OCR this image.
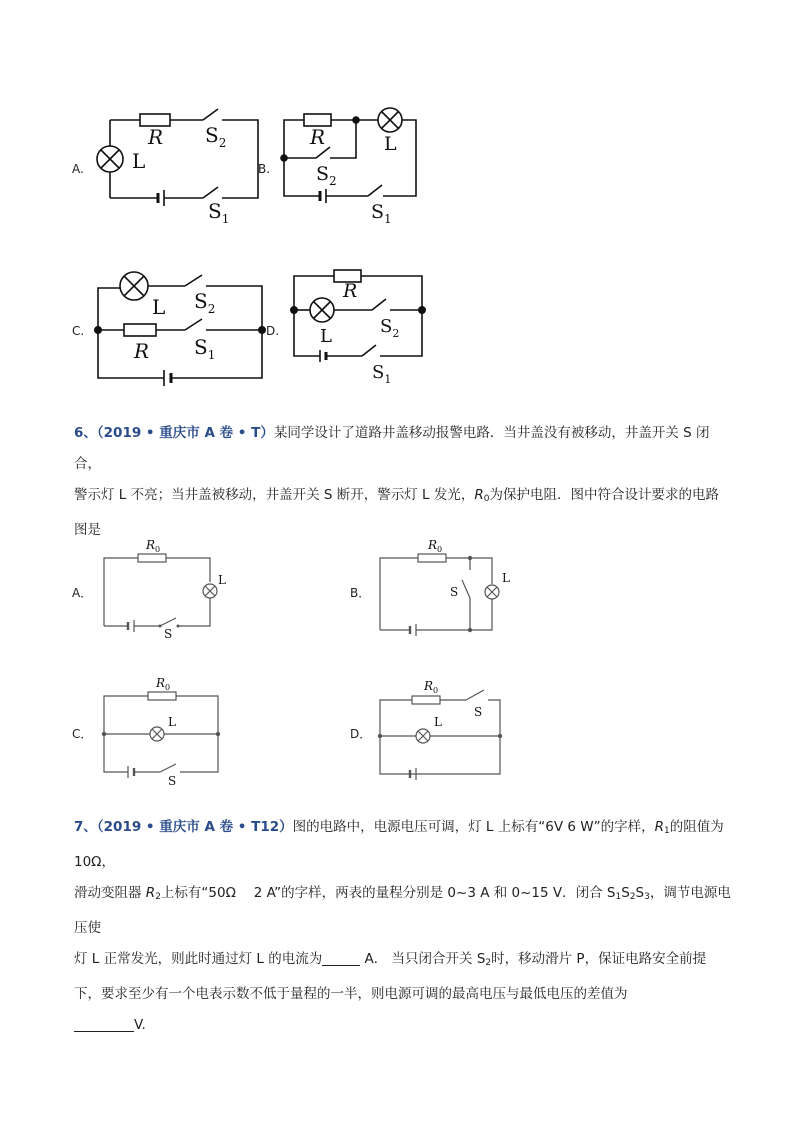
A.	B.
C.	D.
R
L
$S_2$
$S_1$
R	L
$S_2$
$S_1$
L
R
$S_2$
$S_1$
R
L	$S_2$
$S_1$
6、（2019 • 重庆市 A 卷 • T）某同学设计了道路井盖移动报警电路．当井盖没有被移动，井盖开关 S 闭合，
警示灯 L 不亮；当井盖被移动，井盖开关 S 断开，警示灯 L 发光，$R_0$为保护电阻．图中符合设计要求的电路
图是
A．	B．
C．	D．
$R_0$
L
S
$R_0$
L
S
$R_0$
L
S
$R_0$
L
S
7、（2019 • 重庆市 A 卷 • T12）图的电路中，电源电压可调，灯 L 上标有“6V 6 W”的字样，$R_1$的阻值为 10Ω，
滑动变阻器 $R_2$上标有“50Ω　 2 A”的字样，两表的量程分别是 0~3 A 和 0~15 V．闭合 $S_1S_2S_3$，调节电源电压使
灯 L 正常发光，则此时通过灯 L 的电流为	A． 当只闭合开关 $S_2$时，移动滑片 P，保证电路安全前提
下，要求至少有一个电表示数不低于量程的一半，则电源可调的最高电压与最低电压的差值为
V.
